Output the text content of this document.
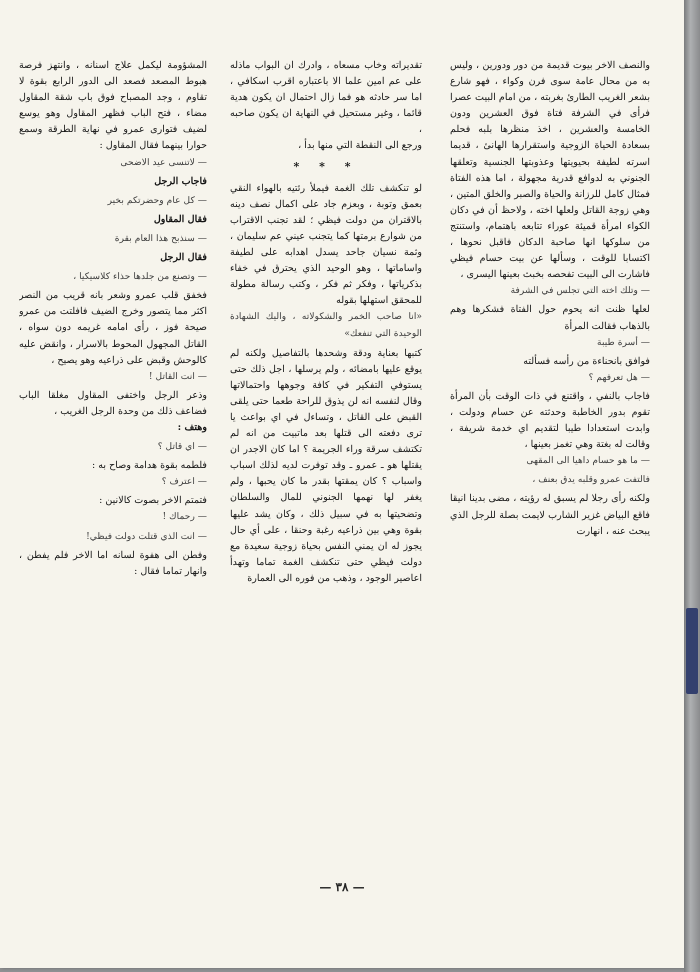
والنصف الاخر بيوت قديمة من دور ودورين ، وليس به من محال عامة سوى فرن وكواء ، فهو شارع بشعر الغريب الطارئ بغربته ، من امام البيت عصرا فرأى في الشرفة فتاة فوق العشرين ودون الخامسة والعشرين ، اخذ منظرها بلبه فحلم بسعادة الحياة الزوجية واستقرارها الهانئ ، قديما اسرته لطيفة بحيويتها وعذوبتها الجنسية وتعلقها الجنوني به لدوافع قدرية مجهولة ، اما هذه الفتاة فمثال كامل للرزانة والحياة والصبر والخلق المتين ، وهي زوجة القاتل ولعلها اخته ، ولاحظ أن في دكان الكواء امرأة قميئة عوراء تتابعه باهتمام، واستنتج من سلوكها انها صاحبة الدكان فاقبل نحوها ، اكتسابا للوقت ، وسألها عن بيت حسام فيظي فاشارت الى البيت تفحصه بخبث بعينها اليسرى ،
— وتلك اخته التي تجلس في الشرفة
لعلها ظنت انه يحوم حول الفتاة فشكرها وهم بالذهاب فقالت المرأة
— أسرة طيبة
فوافق بانحناءة من رأسه فسألته
— هل تعرفهم ؟
فاجاب بالنفي ، واقتنع في ذات الوقت بأن المرأة تقوم بدور الخاطبة وحدثته عن حسام ودولت ، وابدت استعدادا طيبا لتقديم اي خدمة شريفة ، وقالت له بغتة وهي تغمز بعينها ،
— ما هو حسام داهيا الى المقهى
فالتفت عمرو وقلبه يدق بعنف ،
ولكنه رأى رجلا لم يسبق له رؤيته ، مضى بدينا انيقا فاقع البياض غزير الشارب لايمت بصلة للرجل الذي يبحث عنه ، انهارت
تقديراته وخاب مسعاه ، وادرك ان البواب ماذله على عم امين علما الا باعتباره اقرب اسكافي ، اما سر حادثه هو فما زال احتمال ان يكون هدية قائما ، وغير مستحيل في النهاية ان يكون صاحبه ،
ورجع الى النقطة التي منها بدأ ،
* * *
لو تنكشف تلك الغمة فيملأ رئتيه بالهواء النقي بعمق وتوبة ، وبعزم جاد على اكمال نصف دينه بالاقتران من دولت فيظي ؛ لقد تجنب الاقتراب من شوارع برمتها كما يتجنب عيني عم سليمان ، وثمة نسيان جاحد يسدل اهدابه على لطيفة واساماتها ، وهو الوحيد الذي يحترق في خفاء بذكرياتها ، وفكر ثم فكر ، وكتب رسالة مطولة للمحقق استهلها بقوله
«انا صاحب الخمر والشكولاته ، واليك الشهادة الوحيدة التي تنفعك»
كتبها بعناية ودقة وشحدها بالتفاصيل ولكنه لم يوقع عليها بامضائه ، ولم يرسلها ، اجل ذلك حتى يستوفي التفكير في كافة وجوهها واحتمالاتها وقال لنفسه انه لن يذوق للراحة طعما حتى يلقى القبض على القاتل ، وتساءل في اي بواعث يا ترى دفعته الى قتلها بعد ماتبيت من انه لم تكتشف سرقة وراء الجريمة ؟ اما كان الاجدر ان يقتلها هو ـ عمرو ـ وقد توفرت لديه لذلك اسباب واسباب ؟ كان يمقتها بقدر ما كان يحبها ، ولم يغفر لها نهمها الجنوني للمال والسلطان وتضحيتها به في سبيل ذلك ، وكان يشد عليها بقوة وهي بين ذراعيه رغبة وحنقا ، على أي حال يجوز له ان يمني النفس بحياة زوجية سعيدة مع دولت فيظي حتى تنكشف الغمة تماما وتهدأ اعاصير الوجود ، وذهب من فوره الى العمارة
المشؤومة ليكمل علاج اسنانه ، وانتهز فرصة هبوط المصعد فصعد الى الدور الرابع بقوة لا تقاوم ، وجد المصباح فوق باب شقة المقاول مضاء ، فتح الباب فظهر المقاول وهو يوسع لضيف فتوارى عمرو في نهاية الطرقة وسمع حوارا بينهما فقال المقاول :
— لاتنسى عيد الاضحى
فاجاب الرجل
— كل عام وحضرتكم بخير
فقال المقاول
— سنذبح هذا العام بقرة
فقال الرجل
— وتصنع من جلدها حذاء كلاسيكيا ،
فخفق قلب عمرو وشعر بانه قريب من النصر اكثر مما يتصور وخرج الضيف فافلتت من عمرو صيحة فوز ، رأى امامه غريمه دون سواه ، القاتل المجهول المحوط بالاسرار ، وانقض عليه كالوحش وقبض على ذراعيه وهو يصيح ،
— انت القاتل !
وذعر الرجل واختفى المقاول مغلقا الباب فضاعف ذلك من وحدة الرجل الغريب ،
وهتف :
— اي قاتل ؟
فلطمه بقوة هدامة وصاح به :
— اعترف ؟
فتمتم الاخر بصوت كالانين :
— رحماك !
— انت الذي قتلت دولت فيظي!
وفطن الى هفوة لسانه اما الاخر فلم يفطن ، وانهار تماما فقال :
— ٣٨ —
